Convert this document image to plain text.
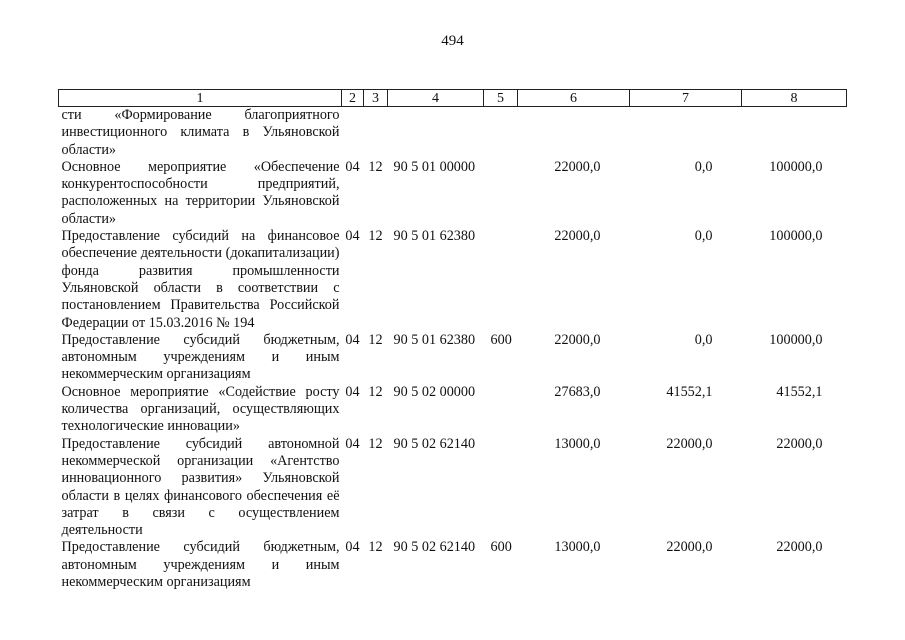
494
1	2	3	4	5	6	7	8
сти «Формирование благоприятного инвестиционного климата в Ульяновской области»							
Основное мероприятие «Обеспечение конкурентоспособности предприятий, расположенных на территории Ульяновской области»	04	12	90 5 01 00000		22000,0	0,0	100000,0
Предоставление субсидий на финансовое обеспечение деятельности (докапитализации) фонда развития промышленности Ульяновской области в соответствии с постановлением Правительства Российской Федерации от 15.03.2016 № 194	04	12	90 5 01 62380		22000,0	0,0	100000,0
Предоставление субсидий бюджетным, автономным учреждениям и иным некоммерческим организациям	04	12	90 5 01 62380	600	22000,0	0,0	100000,0
Основное мероприятие «Содействие росту количества организаций, осуществляющих технологические инновации»	04	12	90 5 02 00000		27683,0	41552,1	41552,1
Предоставление субсидий автономной некоммерческой организации «Агентство инновационного развития» Ульяновской области в целях финансового обеспечения её затрат в связи с осуществлением деятельности	04	12	90 5 02 62140		13000,0	22000,0	22000,0
Предоставление субсидий бюджетным, автономным учреждениям и иным некоммерческим организациям	04	12	90 5 02 62140	600	13000,0	22000,0	22000,0
